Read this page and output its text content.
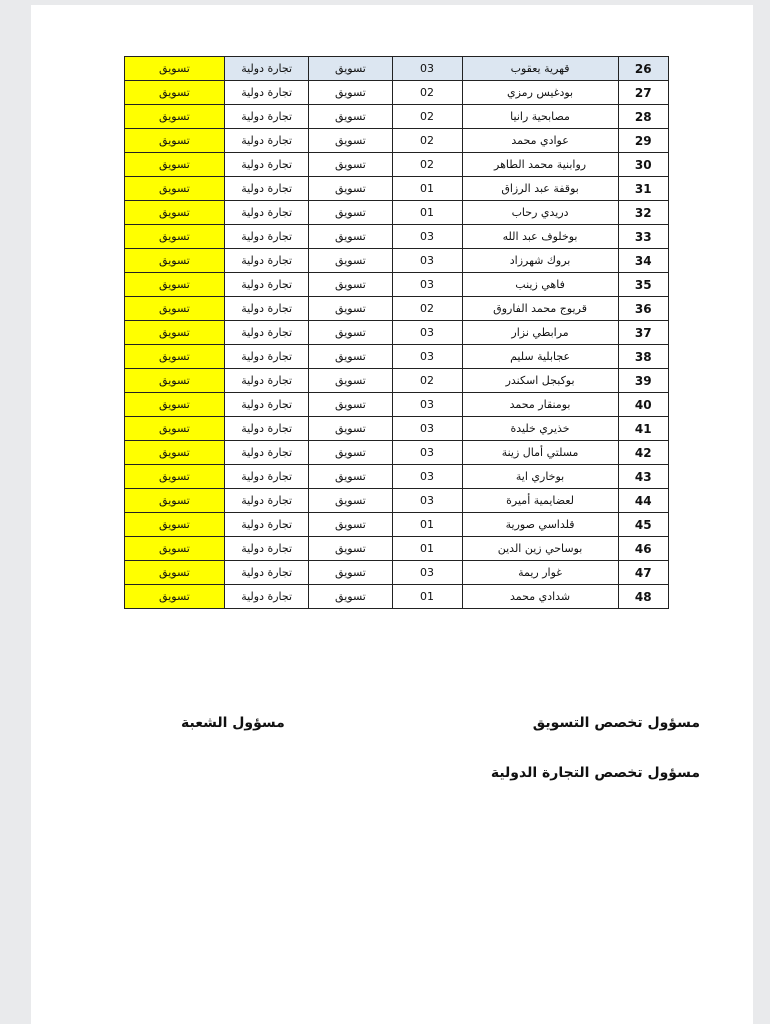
26	قهرية يعقوب	03	تسويق	تجارة دولية	تسويق
27	بودغيس رمزي	02	تسويق	تجارة دولية	تسويق
28	مصابحية رانيا	02	تسويق	تجارة دولية	تسويق
29	عوادي محمد	02	تسويق	تجارة دولية	تسويق
30	روابنية محمد الطاهر	02	تسويق	تجارة دولية	تسويق
31	بوقفة عبد الرزاق	01	تسويق	تجارة دولية	تسويق
32	دريدي رحاب	01	تسويق	تجارة دولية	تسويق
33	بوخلوف عبد الله	03	تسويق	تجارة دولية	تسويق
34	بروك شهرزاد	03	تسويق	تجارة دولية	تسويق
35	فاهي زينب	03	تسويق	تجارة دولية	تسويق
36	قريوج محمد الفاروق	02	تسويق	تجارة دولية	تسويق
37	مرابطي نزار	03	تسويق	تجارة دولية	تسويق
38	عجابلية سليم	03	تسويق	تجارة دولية	تسويق
39	بوكبجل اسكندر	02	تسويق	تجارة دولية	تسويق
40	بومنقار محمد	03	تسويق	تجارة دولية	تسويق
41	خذيري خليدة	03	تسويق	تجارة دولية	تسويق
42	مسلتي أمال زينة	03	تسويق	تجارة دولية	تسويق
43	بوخاري اية	03	تسويق	تجارة دولية	تسويق
44	لعضايمية أميرة	03	تسويق	تجارة دولية	تسويق
45	قلداسي صورية	01	تسويق	تجارة دولية	تسويق
46	بوساحي زين الدين	01	تسويق	تجارة دولية	تسويق
47	غوار ريمة	03	تسويق	تجارة دولية	تسويق
48	شدادي محمد	01	تسويق	تجارة دولية	تسويق
مسؤول تخصص التسويق
مسؤول الشعبة
مسؤول تخصص التجارة الدولية
